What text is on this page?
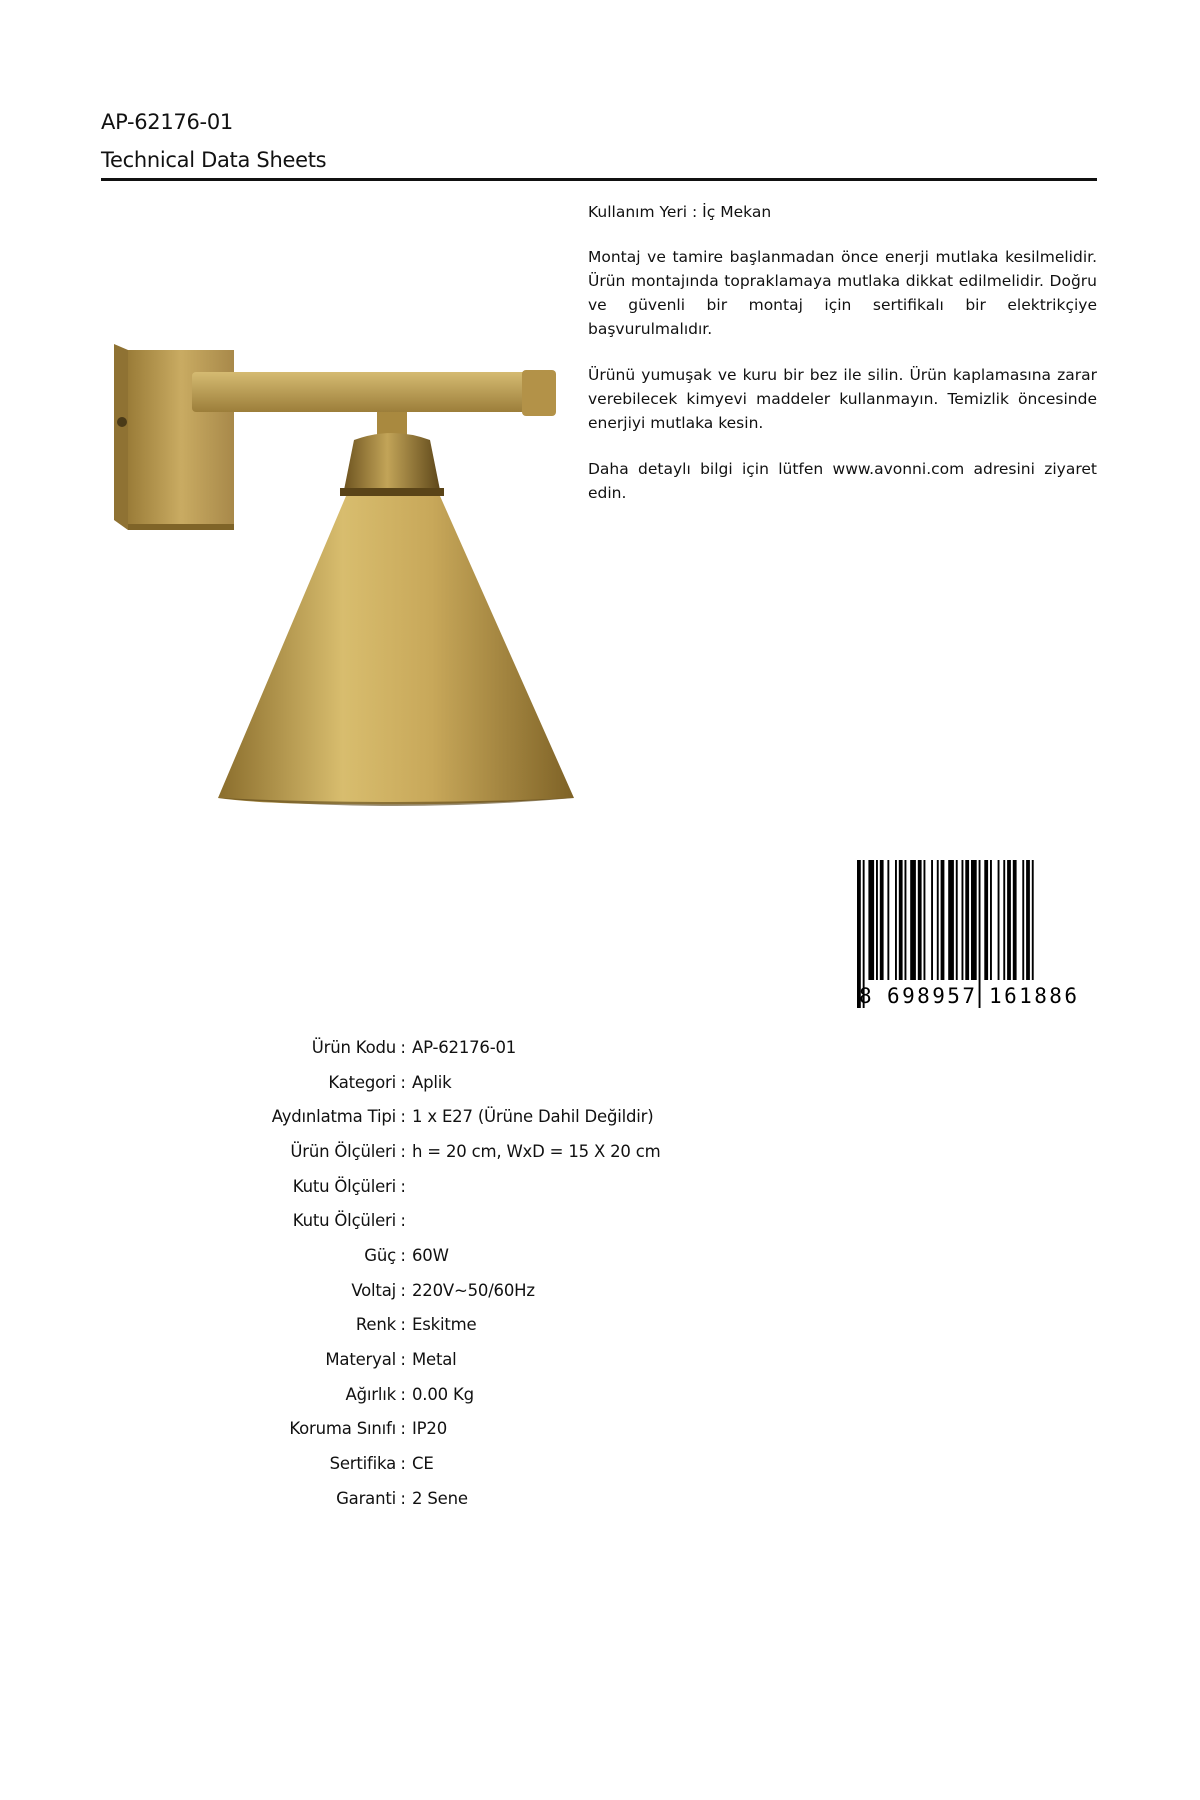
AP-62176-01
Technical Data Sheets

Kullanım Yeri : İç Mekan

Montaj ve tamire başlanmadan önce enerji mutlaka kesilmelidir. Ürün montajında topraklamaya mutlaka dikkat edilmelidir. Doğru ve güvenli bir montaj için sertifikalı bir elektrikçiye başvurulmalıdır.

Ürünü yumuşak ve kuru bir bez ile silin. Ürün kaplamasına zarar verebilecek kimyevi maddeler kullanmayın. Temizlik öncesinde enerjiyi mutlaka kesin.

Daha detaylı bilgi için lütfen www.avonni.com adresini ziyaret edin.

8 698957 161886
Ürün Kodu : AP-62176-01
Kategori : Aplik
Aydınlatma Tipi : 1 x E27 (Ürüne Dahil Değildir)
Ürün Ölçüleri : h = 20 cm, WxD = 15 X 20 cm
Kutu Ölçüleri :
Kutu Ölçüleri :
Güç : 60W
Voltaj : 220V~50/60Hz
Renk : Eskitme
Materyal : Metal
Ağırlık : 0.00 Kg
Koruma Sınıfı : IP20
Sertifika : CE
Garanti : 2 Sene
